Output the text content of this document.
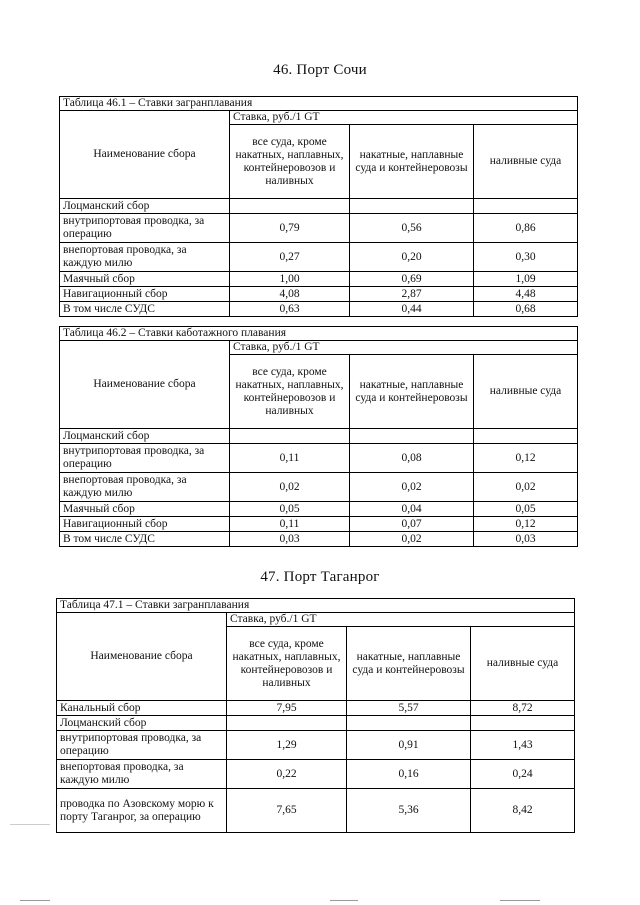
46. Порт Сочи
Таблица 46.1 – Ставки загранплавания			
Наименование сбора	Ставка, руб./1 GT		
	все суда, кроме накатных, наплавных, контейнеровозов и наливных	накатные, наплавные суда и контейнеровозы	наливные суда
Лоцманский сбор			
внутрипортовая проводка, за операцию	0,79	0,56	0,86
внепортовая проводка, за каждую милю	0,27	0,20	0,30
Маячный сбор	1,00	0,69	1,09
Навигационный сбор	4,08	2,87	4,48
В том числе СУДС	0,63	0,44	0,68
Таблица 46.2 – Ставки каботажного плавания			
Наименование сбора	Ставка, руб./1 GT		
	все суда, кроме накатных, наплавных, контейнеровозов и наливных	накатные, наплавные суда и контейнеровозы	наливные суда
Лоцманский сбор			
внутрипортовая проводка, за операцию	0,11	0,08	0,12
внепортовая проводка, за каждую милю	0,02	0,02	0,02
Маячный сбор	0,05	0,04	0,05
Навигационный сбор	0,11	0,07	0,12
В том числе СУДС	0,03	0,02	0,03
47. Порт Таганрог
Таблица 47.1 – Ставки загранплавания			
Наименование сбора	Ставка, руб./1 GT		
	все суда, кроме накатных, наплавных, контейнеровозов и наливных	накатные, наплавные суда и контейнеровозы	наливные суда
Канальный сбор	7,95	5,57	8,72
Лоцманский сбор			
внутрипортовая проводка, за операцию	1,29	0,91	1,43
внепортовая проводка, за каждую милю	0,22	0,16	0,24
проводка по Азовскому морю к порту Таганрог, за операцию	7,65	5,36	8,42
